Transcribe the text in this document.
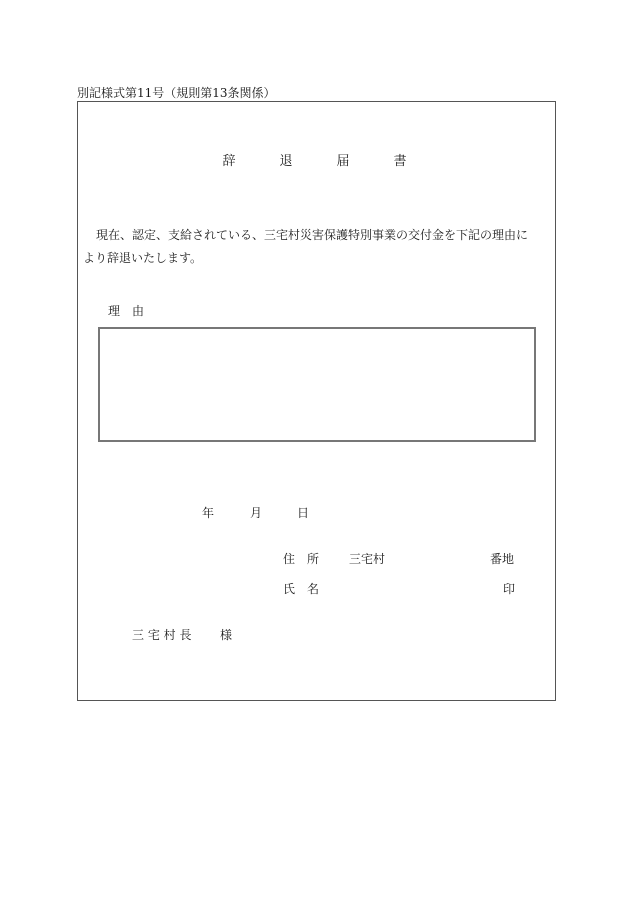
別記様式第11号（規則第13条関係）
辞	退	届	書
現在、認定、支給されている、三宅村災害保護特別事業の交付金を下記の理由に
より辞退いたします。
理　由
年	月	日
住　所 三宅村	番地
氏　名	印
三 宅 村 長 様
